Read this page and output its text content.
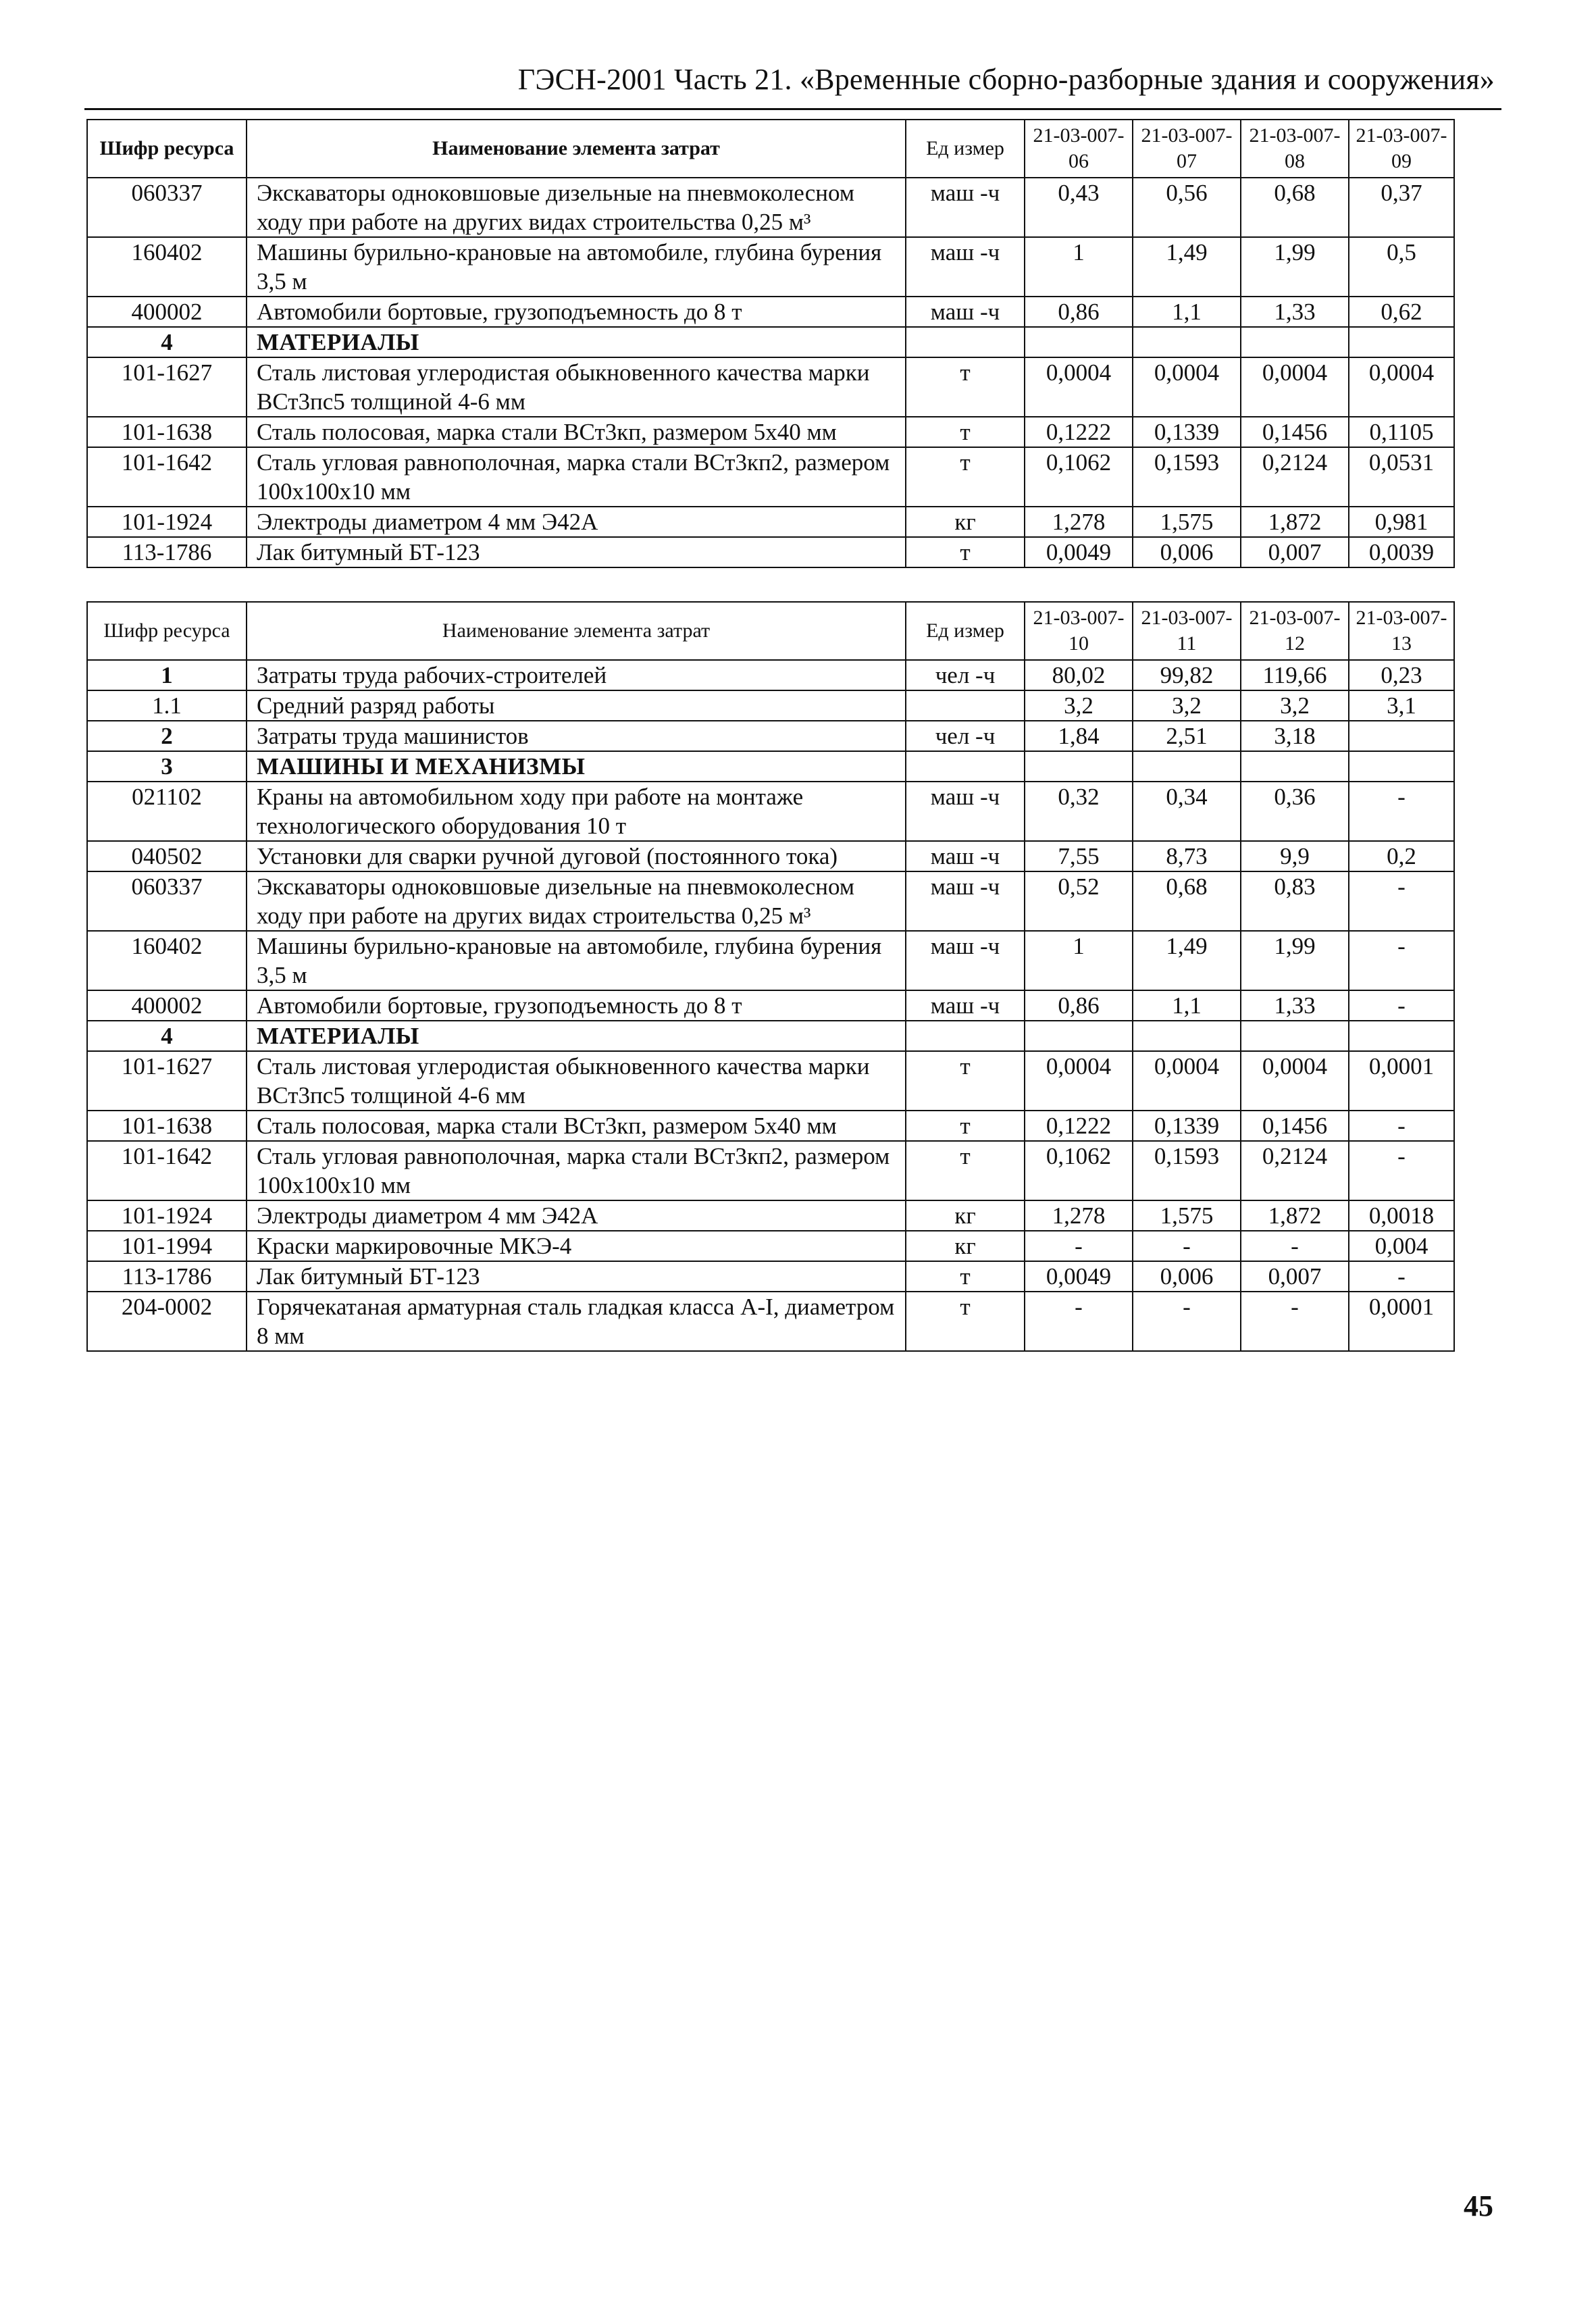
ГЭСН-2001 Часть 21. «Временные сборно-разборные здания и сооружения»
Шифр ресурса	Наименование элемента затрат	Ед измер	21-03-007-06	21-03-007-07	21-03-007-08	21-03-007-09
060337	Экскаваторы одноковшовые дизельные на пневмоколесном ходу при работе на других видах строительства 0,25 м³	маш -ч	0,43	0,56	0,68	0,37
160402	Машины бурильно-крановые на автомобиле, глубина бурения 3,5 м	маш -ч	1	1,49	1,99	0,5
400002	Автомобили бортовые, грузоподъемность до 8 т	маш -ч	0,86	1,1	1,33	0,62
4	МАТЕРИАЛЫ					
101-1627	Сталь листовая углеродистая обыкновенного качества марки ВСт3пс5 толщиной 4-6 мм	т	0,0004	0,0004	0,0004	0,0004
101-1638	Сталь полосовая, марка стали ВСт3кп, размером 5х40 мм	т	0,1222	0,1339	0,1456	0,1105
101-1642	Сталь угловая равнополочная, марка стали ВСт3кп2, размером 100х100х10 мм	т	0,1062	0,1593	0,2124	0,0531
101-1924	Электроды диаметром 4 мм Э42А	кг	1,278	1,575	1,872	0,981
113-1786	Лак битумный БТ-123	т	0,0049	0,006	0,007	0,0039
Шифр ресурса	Наименование элемента затрат	Ед измер	21-03-007-10	21-03-007-11	21-03-007-12	21-03-007-13
1	Затраты труда рабочих-строителей	чел -ч	80,02	99,82	119,66	0,23
1.1	Средний разряд работы		3,2	3,2	3,2	3,1
2	Затраты труда машинистов	чел -ч	1,84	2,51	3,18	
3	МАШИНЫ И МЕХАНИЗМЫ					
021102	Краны на автомобильном ходу при работе на монтаже технологического оборудования 10 т	маш -ч	0,32	0,34	0,36	-
040502	Установки для сварки ручной дуговой (постоянного тока)	маш -ч	7,55	8,73	9,9	0,2
060337	Экскаваторы одноковшовые дизельные на пневмоколесном ходу при работе на других видах строительства 0,25 м³	маш -ч	0,52	0,68	0,83	-
160402	Машины бурильно-крановые на автомобиле, глубина бурения 3,5 м	маш -ч	1	1,49	1,99	-
400002	Автомобили бортовые, грузоподъемность до 8 т	маш -ч	0,86	1,1	1,33	-
4	МАТЕРИАЛЫ					
101-1627	Сталь листовая углеродистая обыкновенного качества марки ВСт3пс5 толщиной 4-6 мм	т	0,0004	0,0004	0,0004	0,0001
101-1638	Сталь полосовая, марка стали ВСт3кп, размером 5х40 мм	т	0,1222	0,1339	0,1456	-
101-1642	Сталь угловая равнополочная, марка стали ВСт3кп2, размером 100х100х10 мм	т	0,1062	0,1593	0,2124	-
101-1924	Электроды диаметром 4 мм Э42А	кг	1,278	1,575	1,872	0,0018
101-1994	Краски маркировочные МКЭ-4	кг	-	-	-	0,004
113-1786	Лак битумный БТ-123	т	0,0049	0,006	0,007	-
204-0002	Горячекатаная арматурная сталь гладкая класса А-I, диаметром 8 мм	т	-	-	-	0,0001
45
